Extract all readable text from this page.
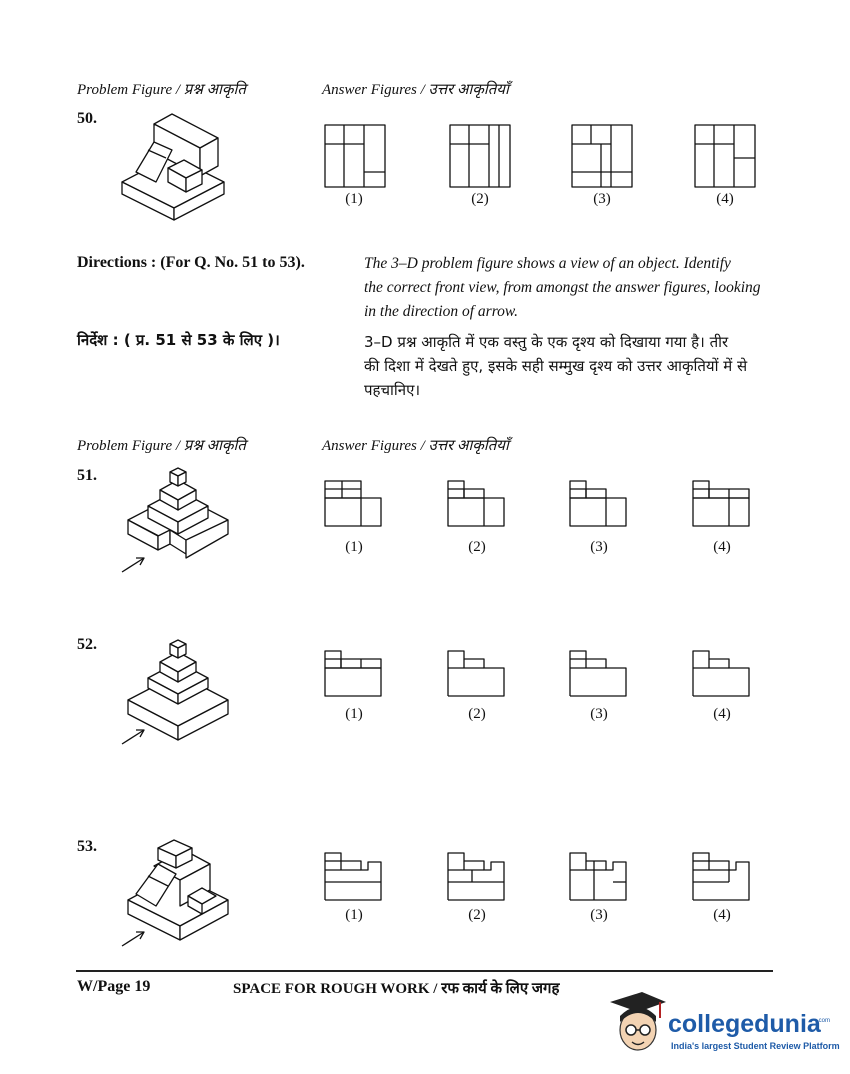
Problem Figure / प्रश्न आकृति	Answer Figures / उत्तर आकृतियाँ
50.
(1)	(2)	(3)	(4)
Directions : (For Q. No. 51 to 53).	The 3–D problem figure shows a view of an object. Identify
the correct front view, from amongst the answer figures, looking
in the direction of arrow.
निर्देश : ( प्र. 51 से 53 के लिए )।	3–D प्रश्न आकृति में एक वस्तु के एक दृश्य को दिखाया गया है। तीर
की दिशा में देखते हुए, इसके सही सम्मुख दृश्य को उत्तर आकृतियों में से
पहचानिए।
Problem Figure / प्रश्न आकृति	Answer Figures / उत्तर आकृतियाँ
51.
(1)	(2)	(3)	(4)
52.
(1)	(2)	(3)	(4)
53.
(1)	(2)	(3)	(4)
W/Page 19	SPACE FOR ROUGH WORK / रफ कार्य के लिए जगह
collegedunia
.com
India's largest Student Review Platform
